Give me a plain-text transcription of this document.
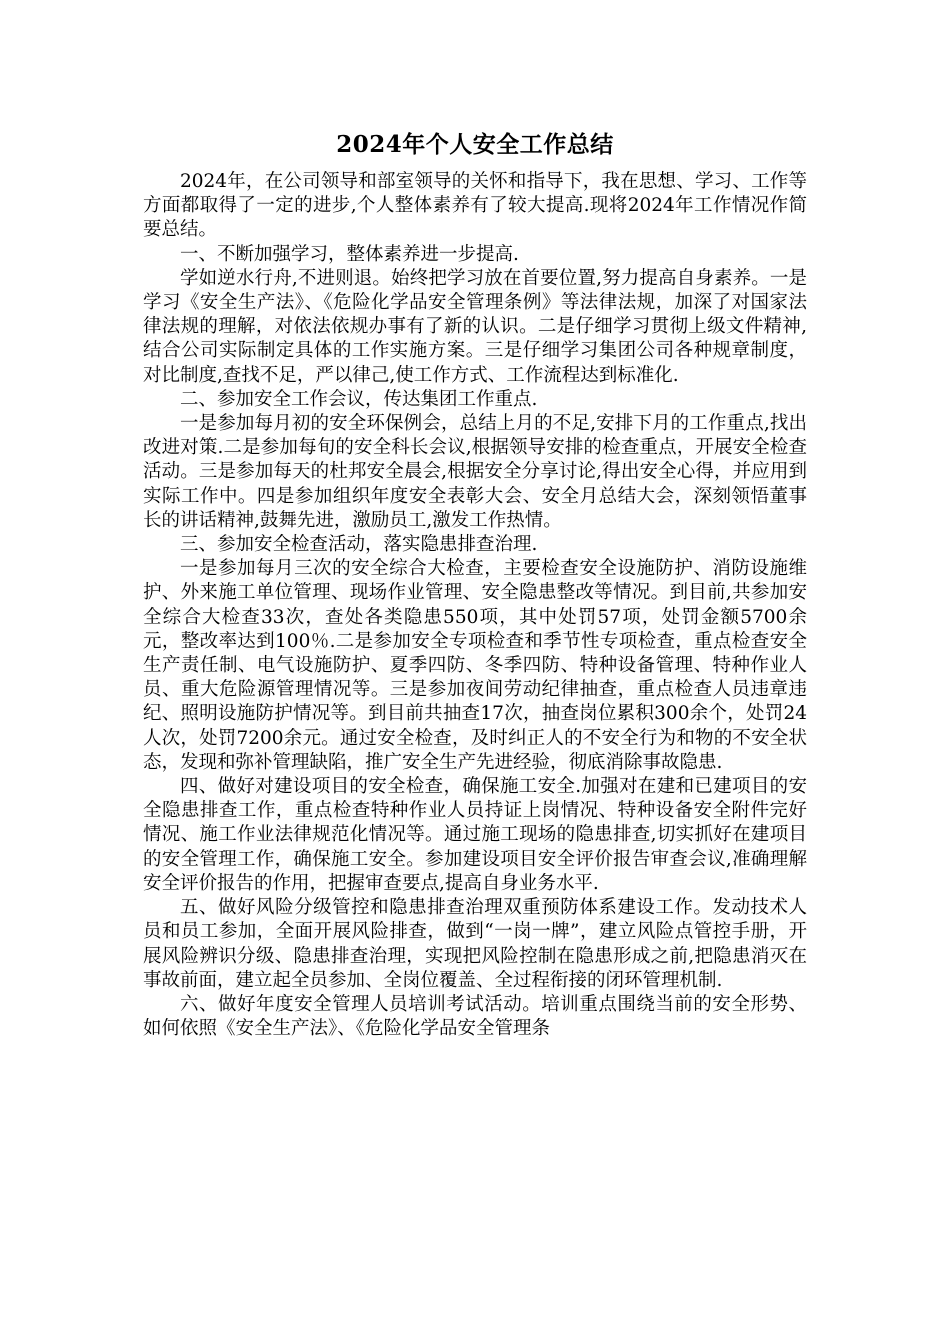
2024年个人安全工作总结

2024年，在公司领导和部室领导的关怀和指导下，我在思想、学习、工作等方面都取得了一定的进步,个人整体素养有了较大提高.现将2024年工作情况作简要总结。

一、不断加强学习，整体素养进一步提高.

学如逆水行舟,不进则退。始终把学习放在首要位置,努力提高自身素养。一是学习《安全生产法》、《危险化学品安全管理条例》等法律法规，加深了对国家法律法规的理解，对依法依规办事有了新的认识。二是仔细学习贯彻上级文件精神,结合公司实际制定具体的工作实施方案。三是仔细学习集团公司各种规章制度，对比制度,查找不足，严以律己,使工作方式、工作流程达到标准化.

二、参加安全工作会议，传达集团工作重点.

一是参加每月初的安全环保例会，总结上月的不足,安排下月的工作重点,找出改进对策.二是参加每旬的安全科长会议,根据领导安排的检查重点，开展安全检查活动。三是参加每天的杜邦安全晨会,根据安全分享讨论,得出安全心得，并应用到实际工作中。四是参加组织年度安全表彰大会、安全月总结大会，深刻领悟董事长的讲话精神,鼓舞先进，激励员工,激发工作热情。

三、参加安全检查活动，落实隐患排查治理.

一是参加每月三次的安全综合大检查，主要检查安全设施防护、消防设施维护、外来施工单位管理、现场作业管理、安全隐患整改等情况。到目前,共参加安全综合大检查33次，查处各类隐患550项，其中处罚57项，处罚金额5700余元，整改率达到100％.二是参加安全专项检查和季节性专项检查，重点检查安全生产责任制、电气设施防护、夏季四防、冬季四防、特种设备管理、特种作业人员、重大危险源管理情况等。三是参加夜间劳动纪律抽查，重点检查人员违章违纪、照明设施防护情况等。到目前共抽查17次，抽查岗位累积300余个，处罚24人次，处罚7200余元。通过安全检查，及时纠正人的不安全行为和物的不安全状态，发现和弥补管理缺陷，推广安全生产先进经验，彻底消除事故隐患.

四、做好对建设项目的安全检查，确保施工安全.加强对在建和已建项目的安全隐患排查工作，重点检查特种作业人员持证上岗情况、特种设备安全附件完好情况、施工作业法律规范化情况等。通过施工现场的隐患排查,切实抓好在建项目的安全管理工作，确保施工安全。参加建设项目安全评价报告审查会议,准确理解安全评价报告的作用，把握审查要点,提高自身业务水平.

五、做好风险分级管控和隐患排查治理双重预防体系建设工作。发动技术人员和员工参加，全面开展风险排查，做到“一岗一牌”，建立风险点管控手册，开展风险辨识分级、隐患排查治理，实现把风险控制在隐患形成之前,把隐患消灭在事故前面，建立起全员参加、全岗位覆盖、全过程衔接的闭环管理机制.

六、做好年度安全管理人员培训考试活动。培训重点围绕当前的安全形势、如何依照《安全生产法》、《危险化学品安全管理条
